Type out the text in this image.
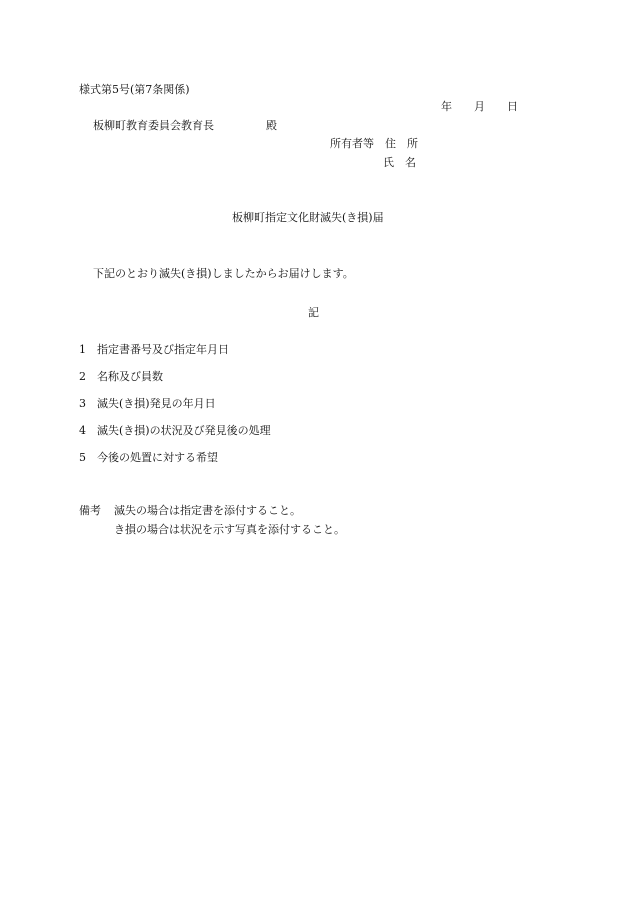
様式第5号(第7条関係)
年　　月　　日
板柳町教育委員会教育長	殿
所有者等　住　所
氏　名
板柳町指定文化財滅失(き損)届
下記のとおり滅失(き損)しましたからお届けします。
記
1　指定書番号及び指定年月日
2　名称及び員数
3　滅失(き損)発見の年月日
4　滅失(き損)の状況及び発見後の処理
5　今後の処置に対する希望
備考 滅失の場合は指定書を添付すること。
き損の場合は状況を示す写真を添付すること。
